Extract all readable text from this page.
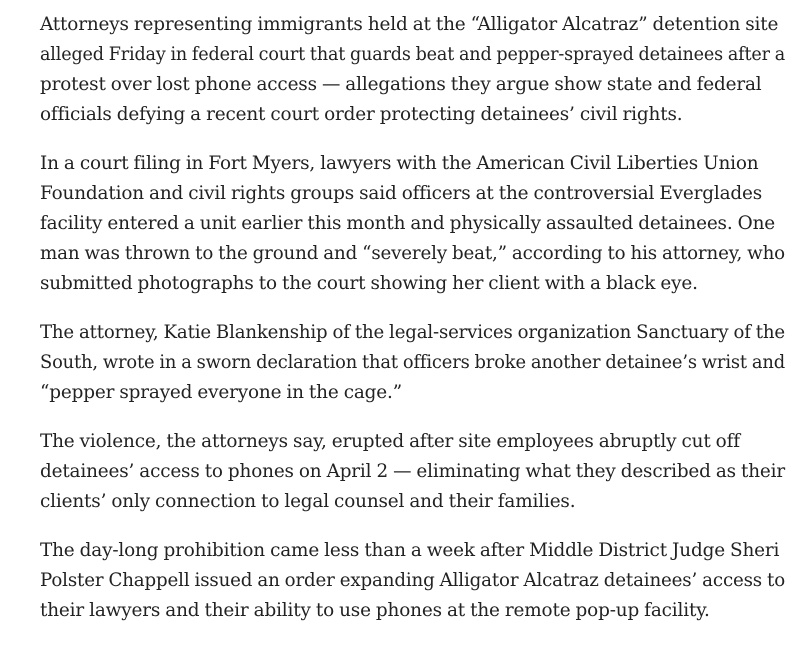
Attorneys representing immigrants held at the “Alligator Alcatraz” detention site
alleged Friday in federal court that guards beat and pepper-sprayed detainees after a
protest over lost phone access — allegations they argue show state and federal
officials defying a recent court order protecting detainees’ civil rights.

In a court filing in Fort Myers, lawyers with the American Civil Liberties Union
Foundation and civil rights groups said officers at the controversial Everglades
facility entered a unit earlier this month and physically assaulted detainees. One
man was thrown to the ground and “severely beat,” according to his attorney, who
submitted photographs to the court showing her client with a black eye.

The attorney, Katie Blankenship of the legal-services organization Sanctuary of the
South, wrote in a sworn declaration that officers broke another detainee’s wrist and
“pepper sprayed everyone in the cage.”

The violence, the attorneys say, erupted after site employees abruptly cut off
detainees’ access to phones on April 2 — eliminating what they described as their
clients’ only connection to legal counsel and their families.

The day-long prohibition came less than a week after Middle District Judge Sheri
Polster Chappell issued an order expanding Alligator Alcatraz detainees’ access to
their lawyers and their ability to use phones at the remote pop-up facility.
